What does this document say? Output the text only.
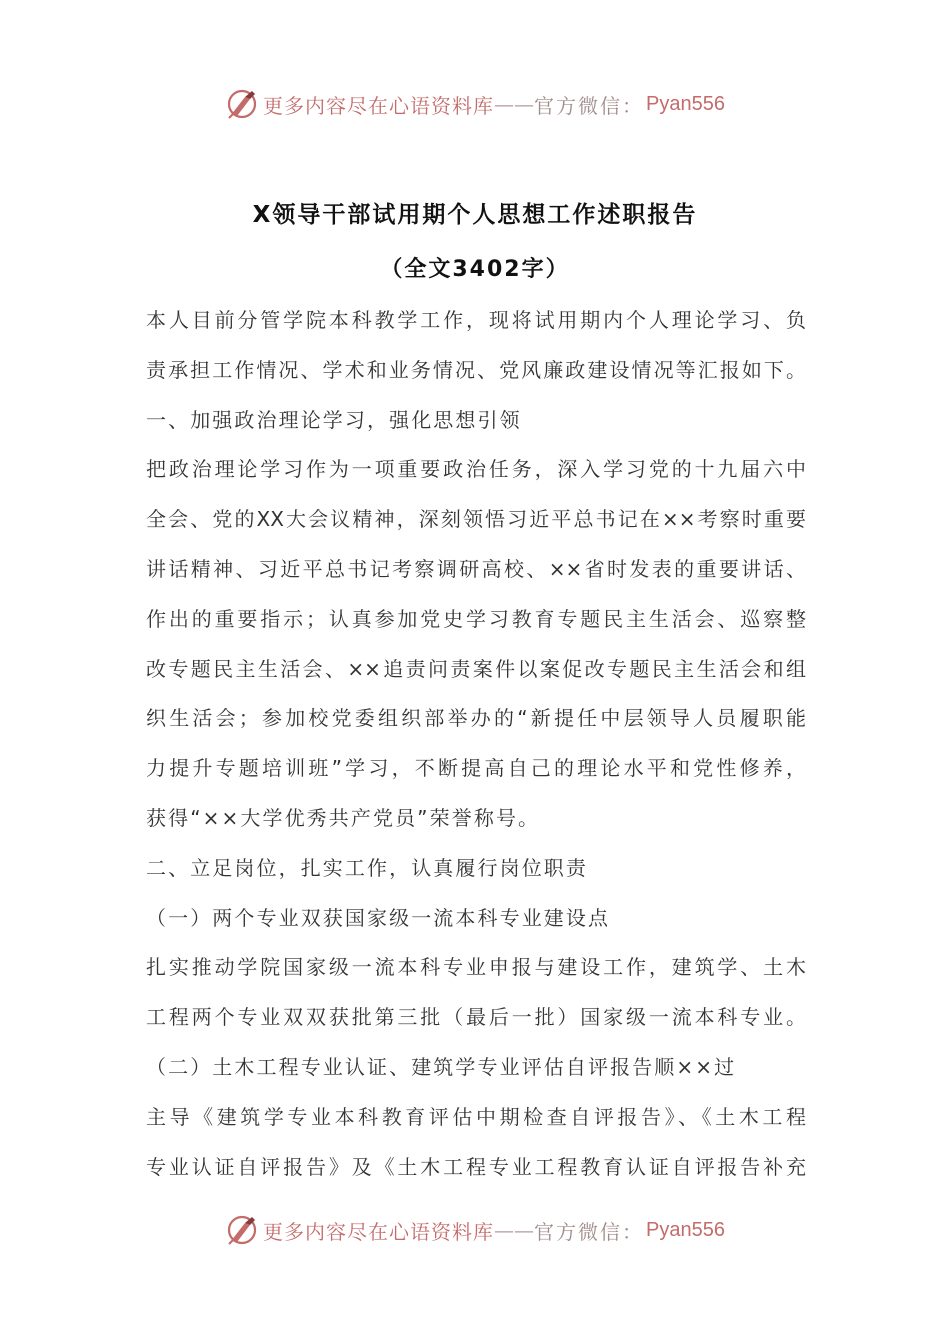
更多内容尽在心语资料库 —— 官方微信： Pyan556
X领导干部试用期个人思想工作述职报告
（全文3402字）
本人目前分管学院本科教学工作，现将试用期内个人理论学习、负
责承担工作情况、学术和业务情况、党风廉政建设情况等汇报如下。
一、加强政治理论学习，强化思想引领
把政治理论学习作为一项重要政治任务，深入学习党的十九届六中
全会、党的XX大会议精神，深刻领悟习近平总书记在××考察时重要
讲话精神、习近平总书记考察调研高校、××省时发表的重要讲话、
作出的重要指示；认真参加党史学习教育专题民主生活会、巡察整
改专题民主生活会、××追责问责案件以案促改专题民主生活会和组
织生活会；参加校党委组织部举办的“新提任中层领导人员履职能
力提升专题培训班”学习，不断提高自己的理论水平和党性修养，
获得“××大学优秀共产党员”荣誉称号。
二、立足岗位，扎实工作，认真履行岗位职责
（一）两个专业双获国家级一流本科专业建设点
扎实推动学院国家级一流本科专业申报与建设工作，建筑学、土木
工程两个专业双双获批第三批（最后一批）国家级一流本科专业。
（二）土木工程专业认证、建筑学专业评估自评报告顺××过
主导《建筑学专业本科教育评估中期检查自评报告》、《土木工程
专业认证自评报告》及《土木工程专业工程教育认证自评报告补充
更多内容尽在心语资料库 —— 官方微信： Pyan556
